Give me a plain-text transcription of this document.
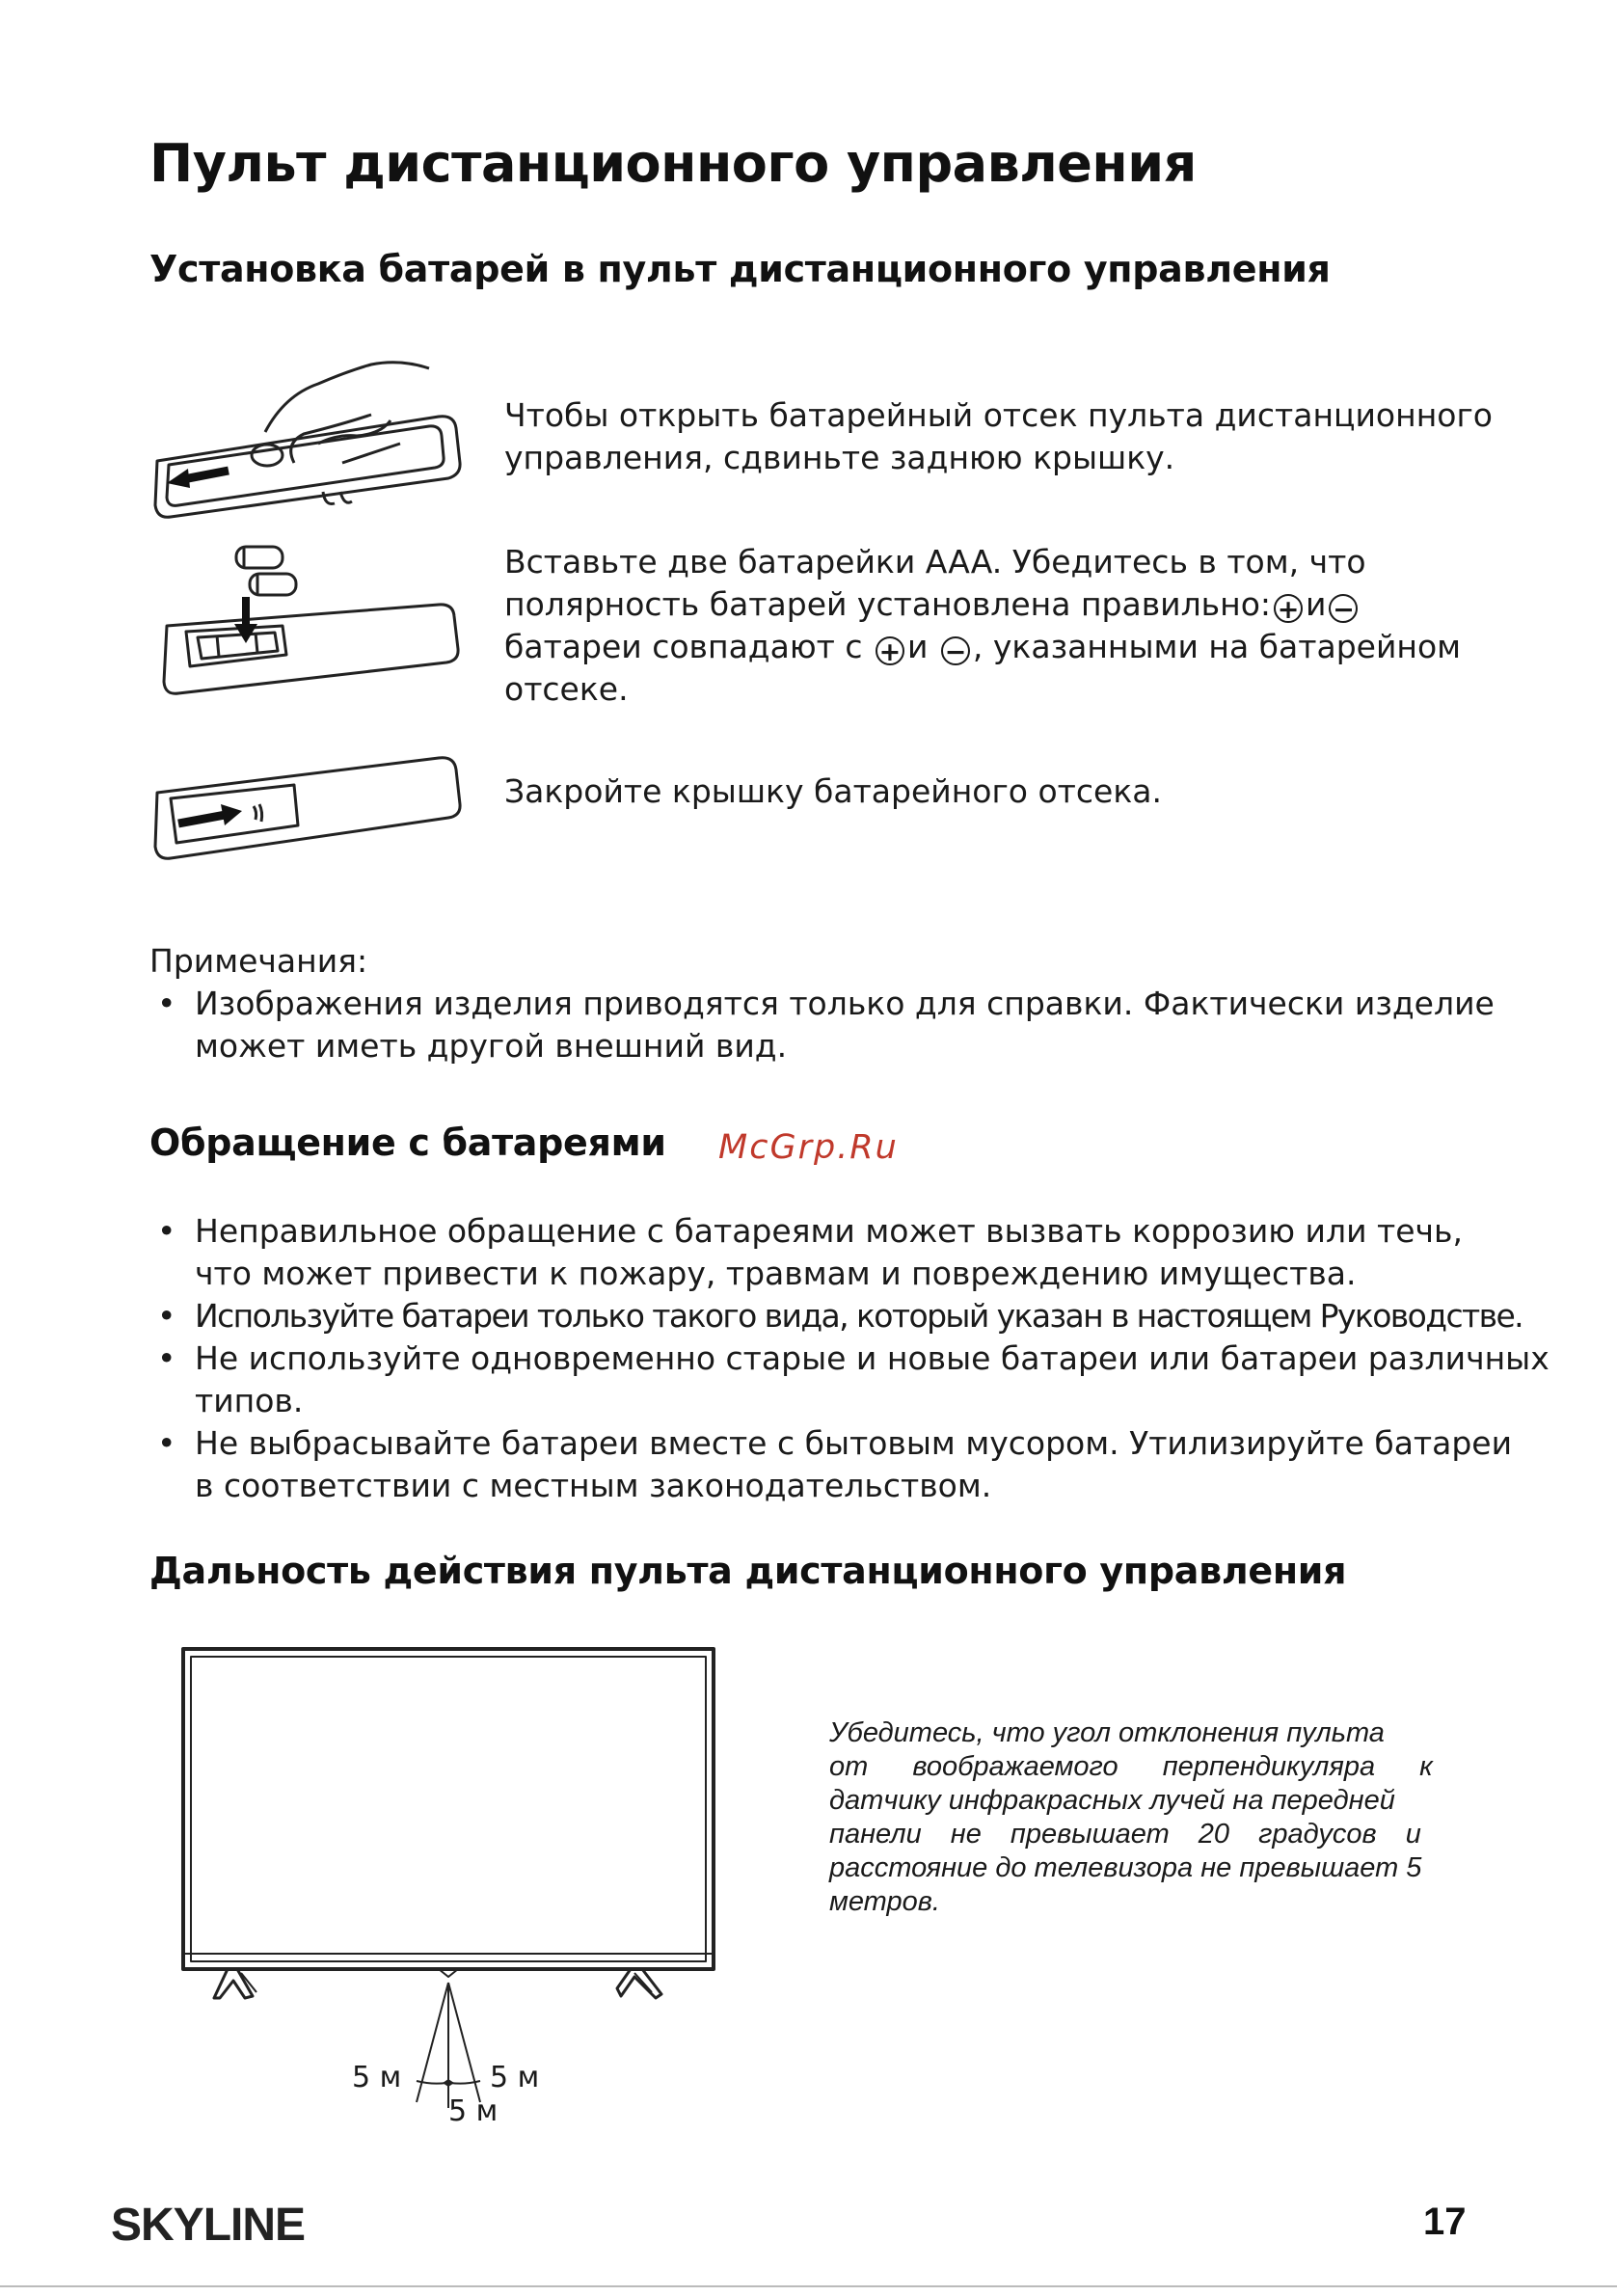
Пульт дистанционного управления
Установка батарей в пульт дистанционного управления
Чтобы открыть батарейный отсек пульта дистанционного
управления, сдвиньте заднюю крышку.
Вставьте две батарейки AAA. Убедитесь в том, что
полярность батарей установлена правильно: + и −
батареи совпадают с + и − , указанными на батарейном
отсеке.
Закройте крышку батарейного отсека.
Примечания:
• Изображения изделия приводятся только для справки. Фактически изделие
может иметь другой внешний вид.
Обращение с батареями McGrp.Ru
• Неправильное обращение с батареями может вызвать коррозию или течь,
что может привести к пожару, травмам и повреждению имущества.
• Используйте батареи только такого вида, который указан в настоящем Руководстве.
• Не используйте одновременно старые и новые батареи или батареи различных
типов.
• Не выбрасывайте батареи вместе с бытовым мусором. Утилизируйте батареи
в соответствии с местным законодательством.
Дальность действия пульта дистанционного управления
5 м	5 м
5 м
Убедитесь, что угол отклонения пульта
от воображаемого перпендикуляра к
датчику инфракрасных лучей на передней
панели не превышает 20 градусов и
расстояние до телевизора не превышает 5
метров.
SKYLINE	17
